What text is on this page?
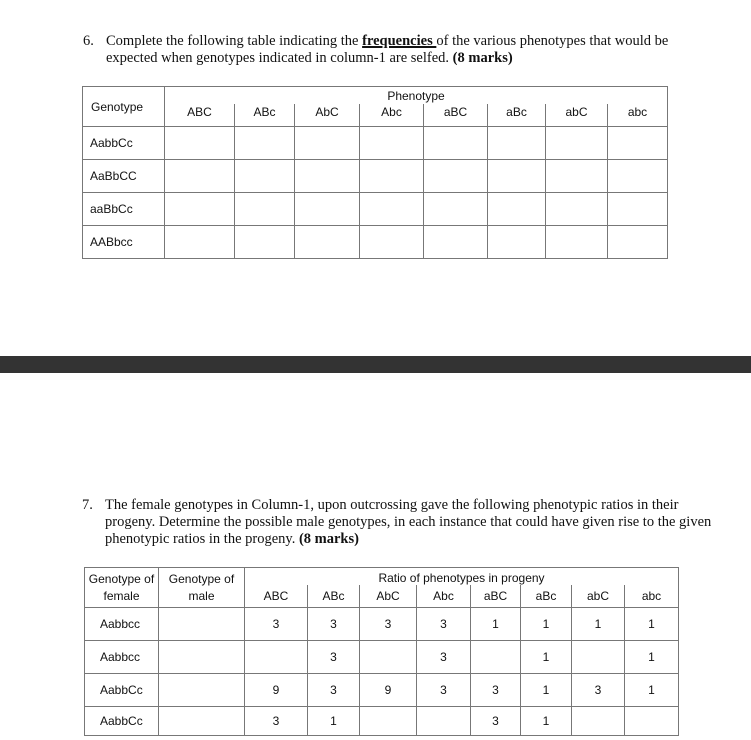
6. Complete the following table indicating the frequencies of the various phenotypes that would be expected when genotypes indicated in column-1 are selfed. (8 marks)
Genotype	Phenotype							
	ABC	ABc	AbC	Abc	aBC	aBc	abC	abc
AabbCc								
AaBbCC								
aaBbCc								
AABbcc								
7. The female genotypes in Column-1, upon outcrossing gave the following phenotypic ratios in their progeny. Determine the possible male genotypes, in each instance that could have given rise to the given phenotypic ratios in the progeny. (8 marks)
Genotype of female	Genotype of male	Ratio of phenotypes in progeny							
		ABC	ABc	AbC	Abc	aBC	aBc	abC	abc
Aabbcc		3	3	3	3	1	1	1	1
Aabbcc			3		3		1		1
AabbCc		9	3	9	3	3	1	3	1
AabbCc		3	1			3	1		
